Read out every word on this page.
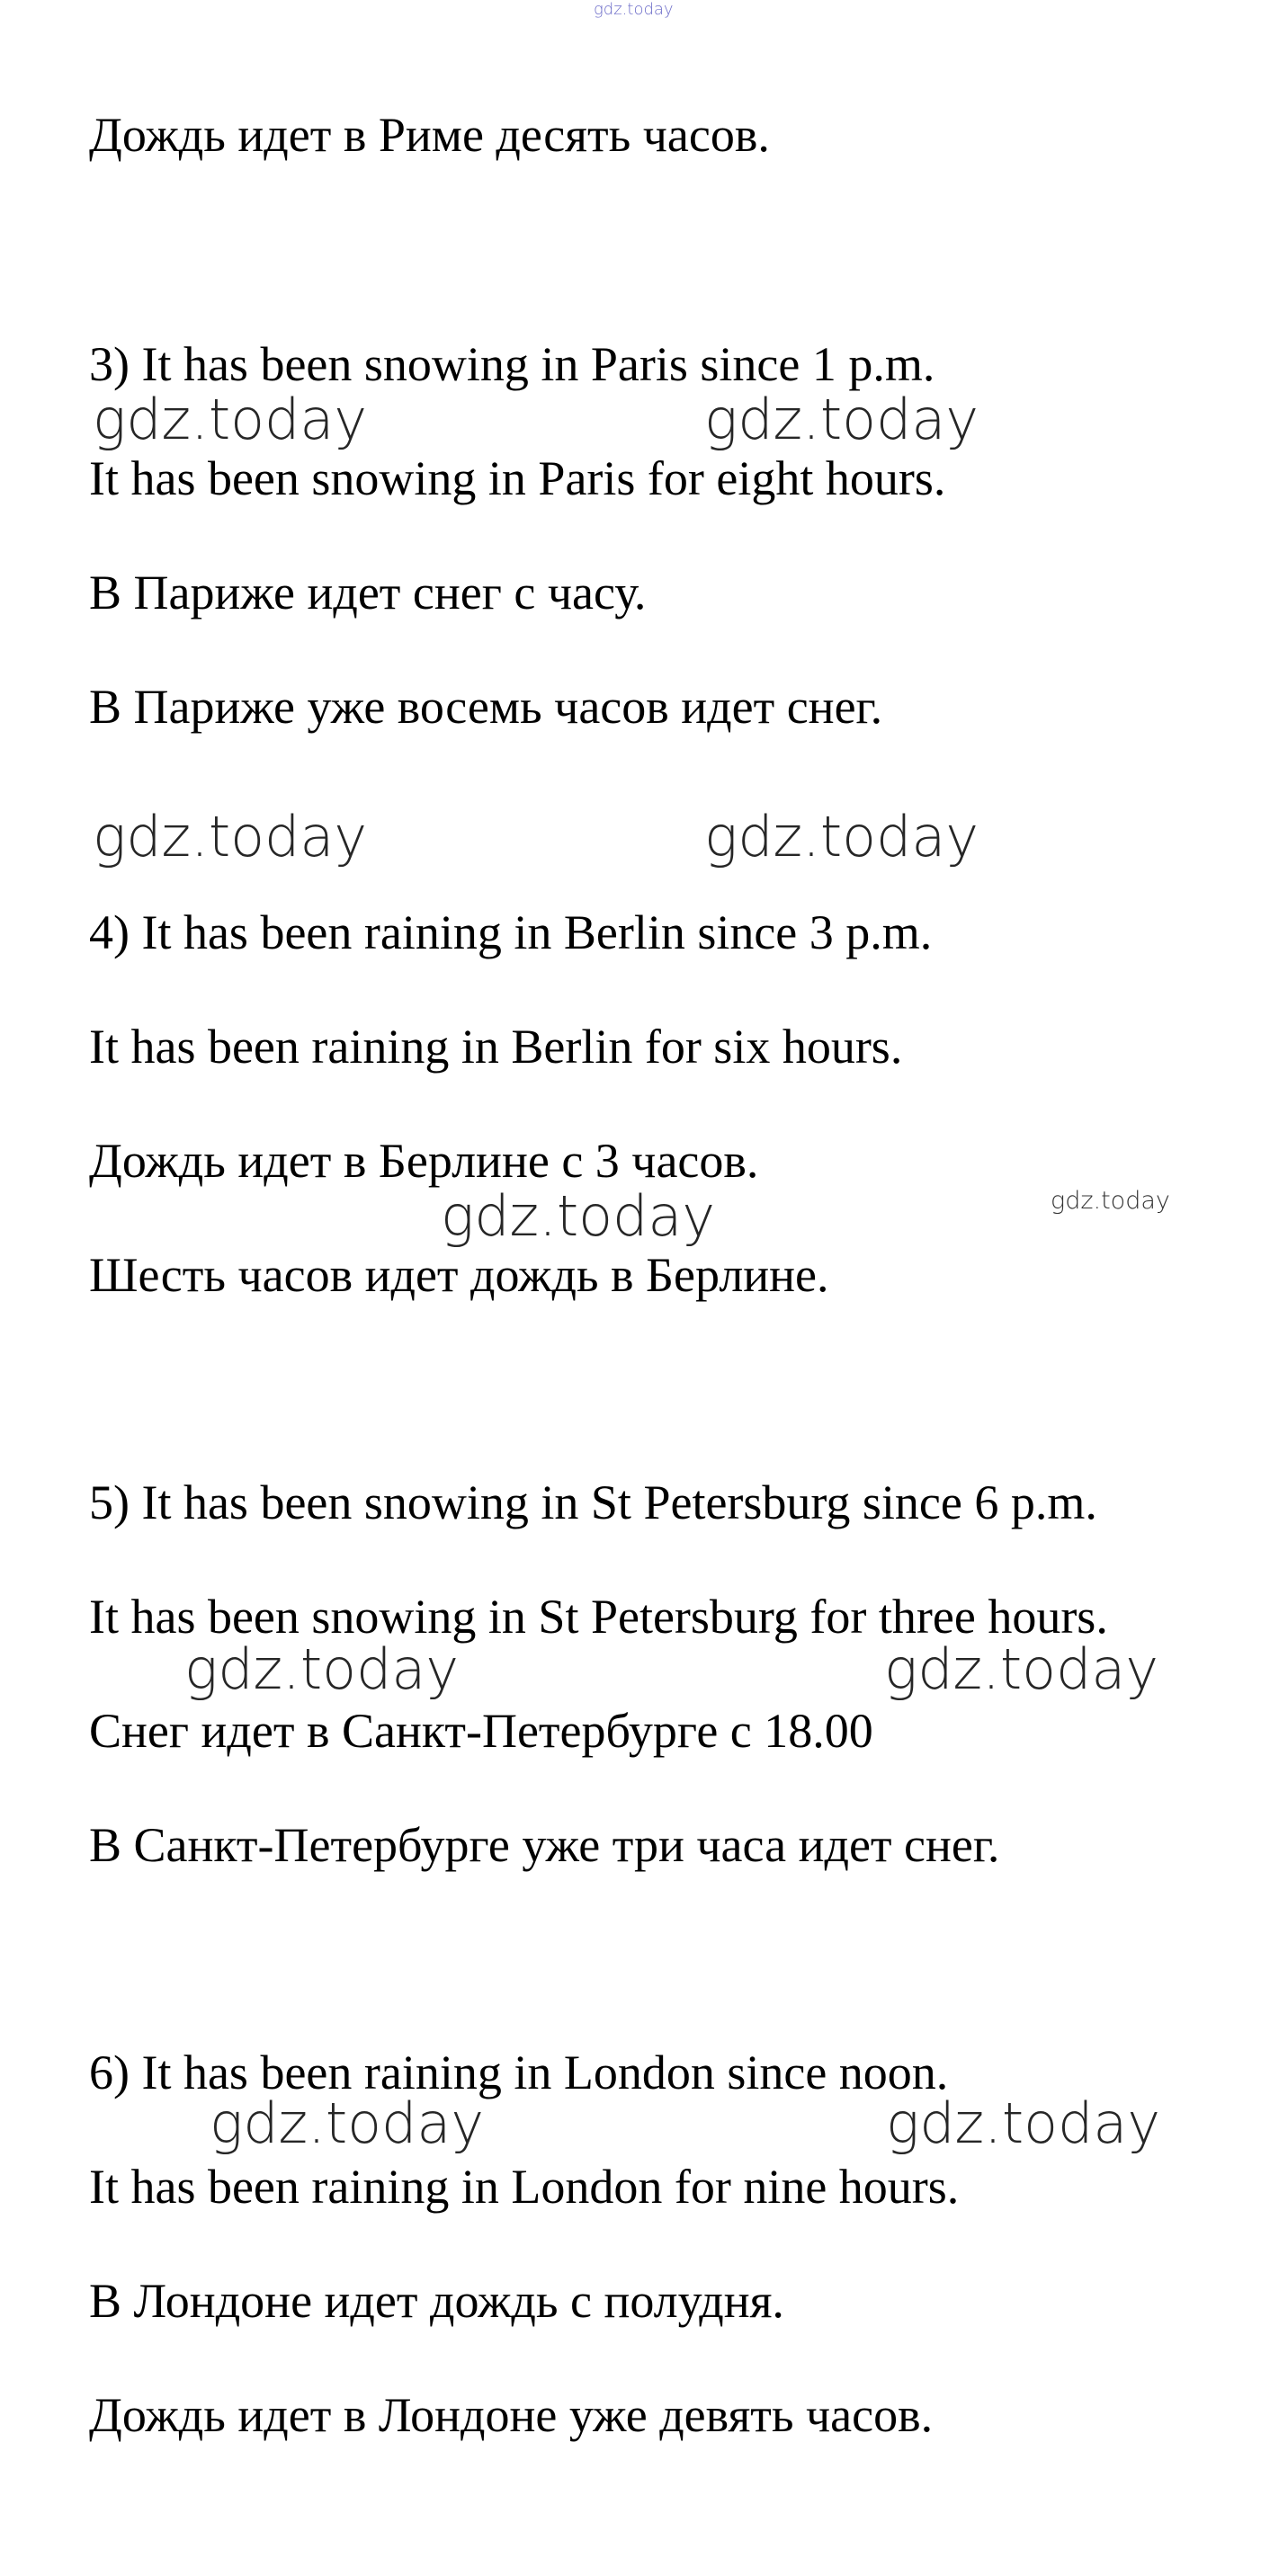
gdz.today

Дождь идет в Риме десять часов.

3) It has been snowing in Paris since 1 p.m.

gdz.today	gdz.today

It has been snowing in Paris for eight hours.

В Париже идет снег с часу.

В Париже уже восемь часов идет снег.

gdz.today	gdz.today

4) It has been raining in Berlin since 3 p.m.

It has been raining in Berlin for six hours.

Дождь идет в Берлине с 3 часов.

gdz.today	gdz.today

Шесть часов идет дождь в Берлине.

5) It has been snowing in St Petersburg since 6 p.m.

It has been snowing in St Petersburg for three hours.

gdz.today	gdz.today

Снег идет в Санкт-Петербурге с 18.00

В Санкт-Петербурге уже три часа идет снег.

6) It has been raining in London since noon.

gdz.today	gdz.today

It has been raining in London for nine hours.

В Лондоне идет дождь с полудня.

Дождь идет в Лондоне уже девять часов.
